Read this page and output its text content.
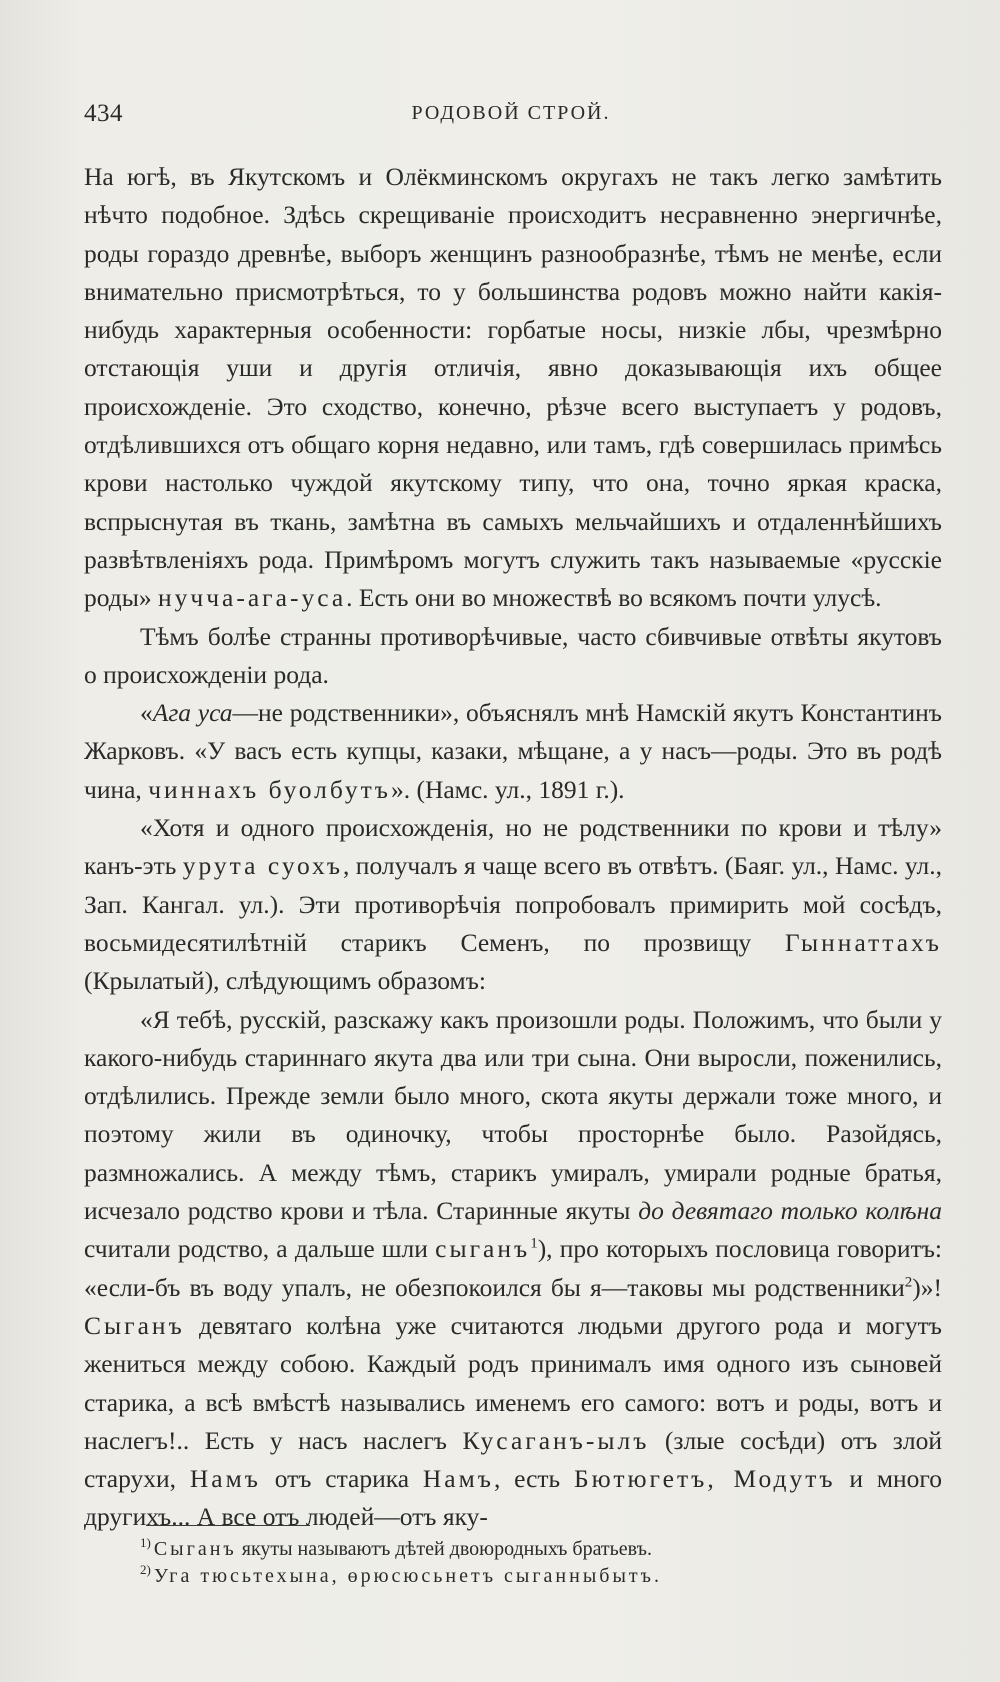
434	РОДОВОЙ СТРОЙ.

На югѣ, въ Якутскомъ и Олёкминскомъ округахъ не такъ легко замѣтить нѣчто подобное. Здѣсь скрещиваніе происходитъ несравненно энергичнѣе, роды гораздо древнѣе, выборъ женщинъ разнообразнѣе, тѣмъ не менѣе, если внимательно присмотрѣться, то у большинства родовъ можно найти какія-нибудь характерныя особенности: горбатые носы, низкіе лбы, чрезмѣрно отстающія уши и другія отличія, явно доказывающія ихъ общее происхожденіе. Это сходство, конечно, рѣзче всего выступаетъ у родовъ, отдѣлившихся отъ общаго корня недавно, или тамъ, гдѣ совершилась примѣсь крови настолько чуждой якутскому типу, что она, точно яркая краска, вспрыснутая въ ткань, замѣтна въ самыхъ мельчайшихъ и отдаленнѣйшихъ развѣтвленіяхъ рода. Примѣромъ могутъ служить такъ называемые «русскіе роды» нучча-ага-уса. Есть они во множествѣ во всякомъ почти улусѣ.

Тѣмъ болѣе странны противорѣчивые, часто сбивчивые отвѣты якутовъ о происхожденіи рода.

«Ага уса—не родственники», объяснялъ мнѣ Намскій якутъ Константинъ Жарковъ. «У васъ есть купцы, казаки, мѣщане, а у насъ—роды. Это въ родѣ чина, чиннахъ буолбутъ». (Намс. ул., 1891 г.).

«Хотя и одного происхожденія, но не родственники по крови и тѣлу» канъ-эть урута суохъ, получалъ я чаще всего въ отвѣтъ. (Баяг. ул., Намс. ул., Зап. Кангал. ул.). Эти противорѣчія попробовалъ примирить мой сосѣдъ, восьмидесятилѣтній старикъ Семенъ, по прозвищу Гыннаттахъ (Крылатый), слѣдующимъ образомъ:

«Я тебѣ, русскій, разскажу какъ произошли роды. Положимъ, что были у какого-нибудь стариннаго якута два или три сына. Они выросли, поженились, отдѣлились. Прежде земли было много, скота якуты держали тоже много, и поэтому жили въ одиночку, чтобы просторнѣе было. Разойдясь, размножались. А между тѣмъ, старикъ умиралъ, умирали родные братья, исчезало родство крови и тѣла. Старинные якуты до девятаго только колѣна считали родство, а дальше шли сыганъ$^1$), про которыхъ пословица говоритъ: «если-бъ въ воду упалъ, не обезпокоился бы я—таковы мы родственники$^2$)»! Сыганъ девятаго колѣна уже считаются людьми другого рода и могутъ жениться между собою. Каждый родъ принималъ имя одного изъ сыновей старика, а всѣ вмѣстѣ назывались именемъ его самого: вотъ и роды, вотъ и наслегъ!.. Есть у насъ наслегъ Кусаганъ-ылъ (злые сосѣди) отъ злой старухи, Намъ отъ старика Намъ, есть Бютюгетъ, Модутъ и много другихъ... А все отъ людей—отъ яку-

$^{1)}$ Сыганъ якуты называютъ дѣтей двоюродныхъ братьевъ.

$^{2)}$ Уга тюсьтехына, өрюсюсьнетъ сыганныбытъ.
